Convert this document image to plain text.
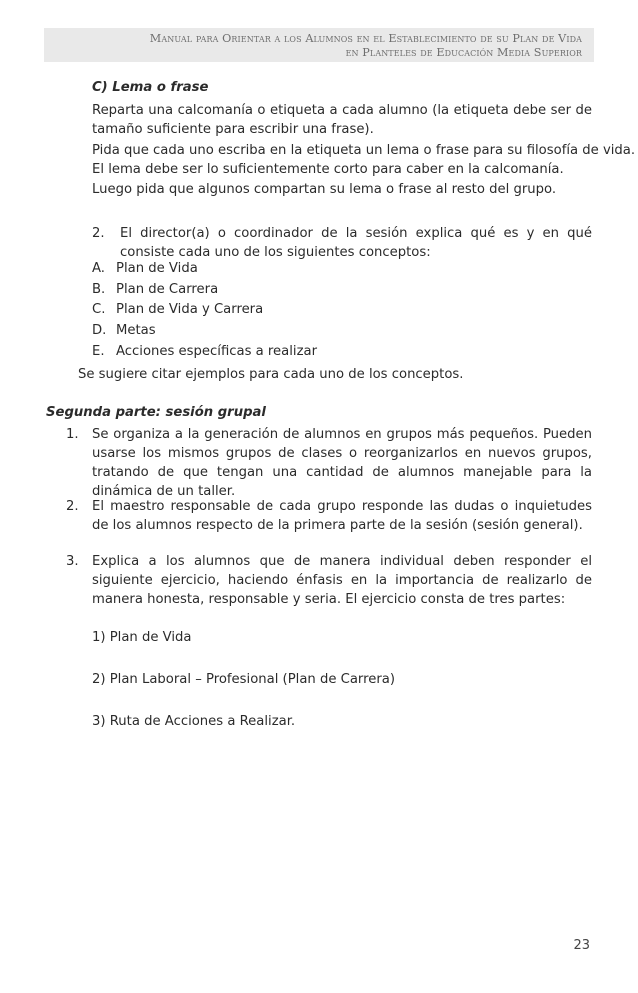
Manual para Orientar a los Alumnos en el Establecimiento de su Plan de Vida
en Planteles de Educación Media Superior
C) Lema o frase
Reparta una calcomanía o etiqueta a cada alumno (la etiqueta debe ser de tamaño suficiente para escribir una frase).
Pida que cada uno escriba en la etiqueta un lema o frase para su filosofía de vida.
El lema debe ser lo suficientemente corto para caber en la calcomanía.
Luego pida que algunos compartan su lema o frase al resto del grupo.
2. El director(a) o coordinador de la sesión explica qué es y en qué consiste cada uno de los siguientes conceptos:
A. Plan de Vida
B. Plan de Carrera
C. Plan de Vida y Carrera
D. Metas
E. Acciones específicas a realizar
Se sugiere citar ejemplos para cada uno de los conceptos.
Segunda parte: sesión grupal
1. Se organiza a la generación de alumnos en grupos más pequeños. Pueden usarse los mismos grupos de clases o reorganizarlos en nuevos grupos, tratando de que tengan una cantidad de alumnos manejable para la dinámica de un taller.
2. El maestro responsable de cada grupo responde las dudas o inquietudes de los alumnos respecto de la primera parte de la sesión (sesión general).
3. Explica a los alumnos que de manera individual deben responder el siguiente ejercicio, haciendo énfasis en la importancia de realizarlo de manera honesta, responsable y seria. El ejercicio consta de tres partes:
1) Plan de Vida
2) Plan Laboral – Profesional (Plan de Carrera)
3) Ruta de Acciones a Realizar.
23
